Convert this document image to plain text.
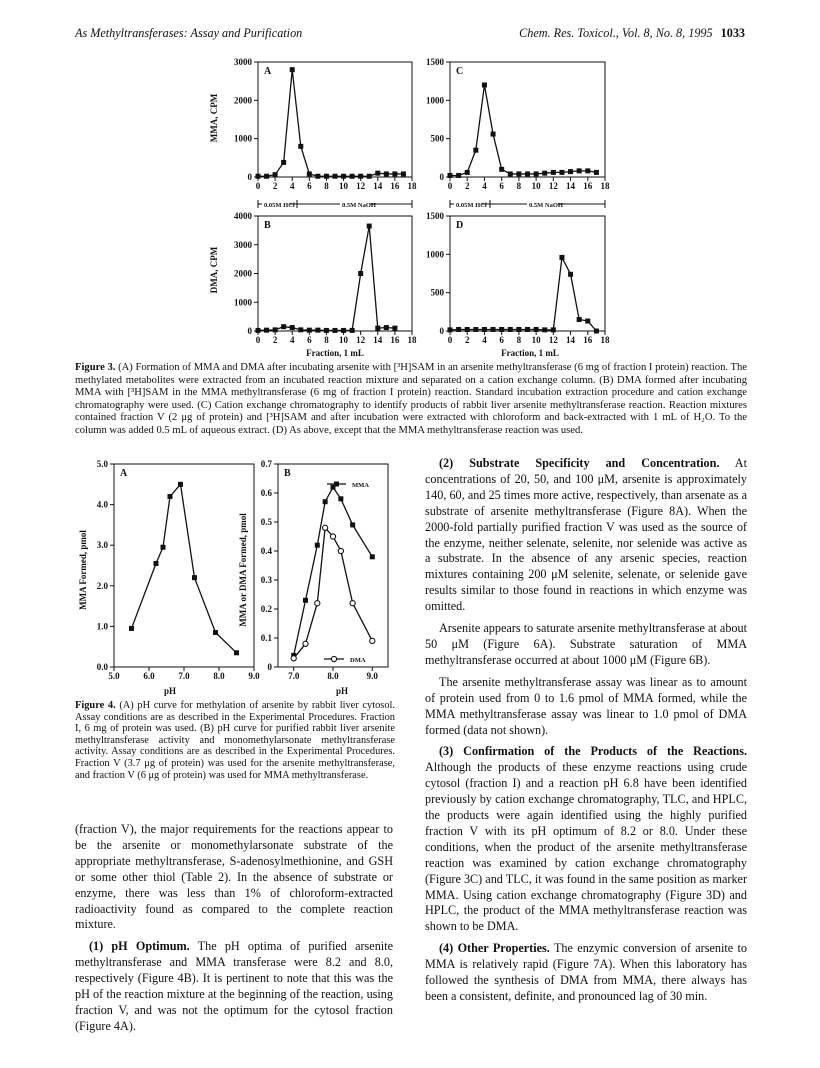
As Methyltransferases: Assay and Purification	Chem. Res. Toxicol., Vol. 8, No. 8, 1995 1033
A
0
1000
2000
3000
0 2 4 6 8 10 12 14 16 18
B
0
1000
2000
3000
4000
0 2 4 6 8 10 12 14 16 18
C
0
500
1000
1500
0 2 4 6 8 10 12 14 16 18
D
0
500
1000
1500
0 2 4 6 8 10 12 14 16 18
MMA, CPM
DMA, CPM
Fraction, 1 mL	Fraction, 1 mL
0.05M HCl	0.5M NaOH	0.05M HCl	0.5M NaOH
Figure 3. (A) Formation of MMA and DMA after incubating arsenite with [³H]SAM in an arsenite methyltransferase (6 mg of fraction I protein) reaction. The methylated metabolites were extracted from an incubated reaction mixture and separated on a cation exchange column. (B) DMA formed after incubating MMA with [³H]SAM in the MMA methyltransferase (6 mg of fraction I protein) reaction. Standard incubation extraction procedure and cation exchange chromatography were used. (C) Cation exchange chromatography to identify products of rabbit liver arsenite methyltransferase reaction. Reaction mixtures contained fraction V (2 μg of protein) and [³H]SAM and after incubation were extracted with chloroform and back-extracted with 1 mL of H₂O. To the column was added 0.5 mL of aqueous extract. (D) As above, except that the MMA methyltransferase reaction was used.
A
0.0
1.0
2.0
3.0
4.0
5.0
5.0	6.0	7.0	8.0	9.0
B
0
0.1
0.2
0.3
0.4
0.5
0.6
0.7
7.0	8.0	9.0
MMA
DMA
MMA Formed, pmol	MMA or DMA Formed, pmol
pH	pH
Figure 4. (A) pH curve for methylation of arsenite by rabbit liver cytosol. Assay conditions are as described in the Experimental Procedures. Fraction I, 6 mg of protein was used. (B) pH curve for purified rabbit liver arsenite methyltransferase activity and monomethylarsonate methyltransferase activity. Assay conditions are as described in the Experimental Procedures. Fraction V (3.7 μg of protein) was used for the arsenite methyltransferase, and fraction V (6 μg of protein) was used for MMA methyltransferase.

(fraction V), the major requirements for the reactions appear to be the arsenite or monomethylarsonate substrate of the appropriate methyltransferase, S-adenosylmethionine, and GSH or some other thiol (Table 2). In the absence of substrate or enzyme, there was less than 1% of chloroform-extracted radioactivity found as compared to the complete reaction mixture.

(1) pH Optimum. The pH optima of purified arsenite methyltransferase and MMA transferase were 8.2 and 8.0, respectively (Figure 4B). It is pertinent to note that this was the pH of the reaction mixture at the beginning of the reaction, using fraction V, and was not the optimum for the cytosol fraction (Figure 4A).

(2) Substrate Specificity and Concentration. At concentrations of 20, 50, and 100 μM, arsenite is approximately 140, 60, and 25 times more active, respectively, than arsenate as a substrate of arsenite methyltransferase (Figure 8A). When the 2000-fold partially purified fraction V was used as the source of the enzyme, neither selenate, selenite, nor selenide was active as a substrate. In the absence of any arsenic species, reaction mixtures containing 200 μM selenite, selenate, or selenide gave results similar to those found in reactions in which enzyme was omitted.

Arsenite appears to saturate arsenite methyltransferase at about 50 μM (Figure 6A). Substrate saturation of MMA methyltransferase occurred at about 1000 μM (Figure 6B).

The arsenite methyltransferase assay was linear as to amount of protein used from 0 to 1.6 pmol of MMA formed, while the MMA methyltransferase assay was linear to 1.0 pmol of DMA formed (data not shown).

(3) Confirmation of the Products of the Reactions. Although the products of these enzyme reactions using crude cytosol (fraction I) and a reaction pH 6.8 have been identified previously by cation exchange chromatography, TLC, and HPLC, the products were again identified using the highly purified fraction V with its pH optimum of 8.2 or 8.0. Under these conditions, when the product of the arsenite methyltransferase reaction was examined by cation exchange chromatography (Figure 3C) and TLC, it was found in the same position as marker MMA. Using cation exchange chromatography (Figure 3D) and HPLC, the product of the MMA methyltransferase reaction was shown to be DMA.

(4) Other Properties. The enzymic conversion of arsenite to MMA is relatively rapid (Figure 7A). When this laboratory has followed the synthesis of DMA from MMA, there always has been a consistent, definite, and pronounced lag of 30 min.
